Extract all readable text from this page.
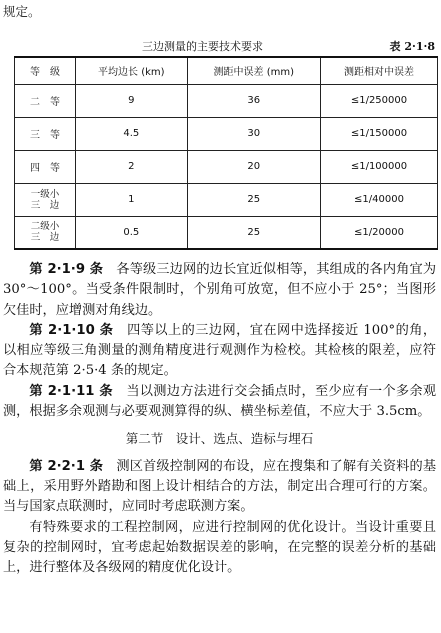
规定。
三边测量的主要技术要求	表 2·1·8
等　级	平均边长 (km)	测距中误差 (mm)	测距相对中误差
二　等	9	36	≤1/250000
三　等	4.5	30	≤1/150000
四　等	2	20	≤1/100000
一级小
三　边	1	25	≤1/40000
二级小
三　边	0.5	25	≤1/20000

第 2·1·9 条　 各等级三边网的边长宜近似相等，其组成的各内角宜为 30°～100°。当受条件限制时，个别角可放宽，但不应小于 25°；当图形欠佳时，应增测对角线边。

第 2·1·10 条　 四等以上的三边网，宜在网中选择接近 100°的角，以相应等级三角测量的测角精度进行观测作为检校。其检核的限差，应符合本规范第 2·5·4 条的规定。

第 2·1·11 条　 当以测边方法进行交会插点时，至少应有一个多余观测，根据多余观测与必要观测算得的纵、横坐标差值，不应大于 3.5cm。

第二节　设计、选点、造标与埋石

第 2·2·1 条　 测区首级控制网的布设，应在搜集和了解有关资料的基础上，采用野外踏勘和图上设计相结合的方法，制定出合理可行的方案。当与国家点联测时，应同时考虑联测方案。

有特殊要求的工程控制网，应进行控制网的优化设计。当设计重要且复杂的控制网时，宜考虑起始数据误差的影响，在完整的误差分析的基础上，进行整体及各级网的精度优化设计。
